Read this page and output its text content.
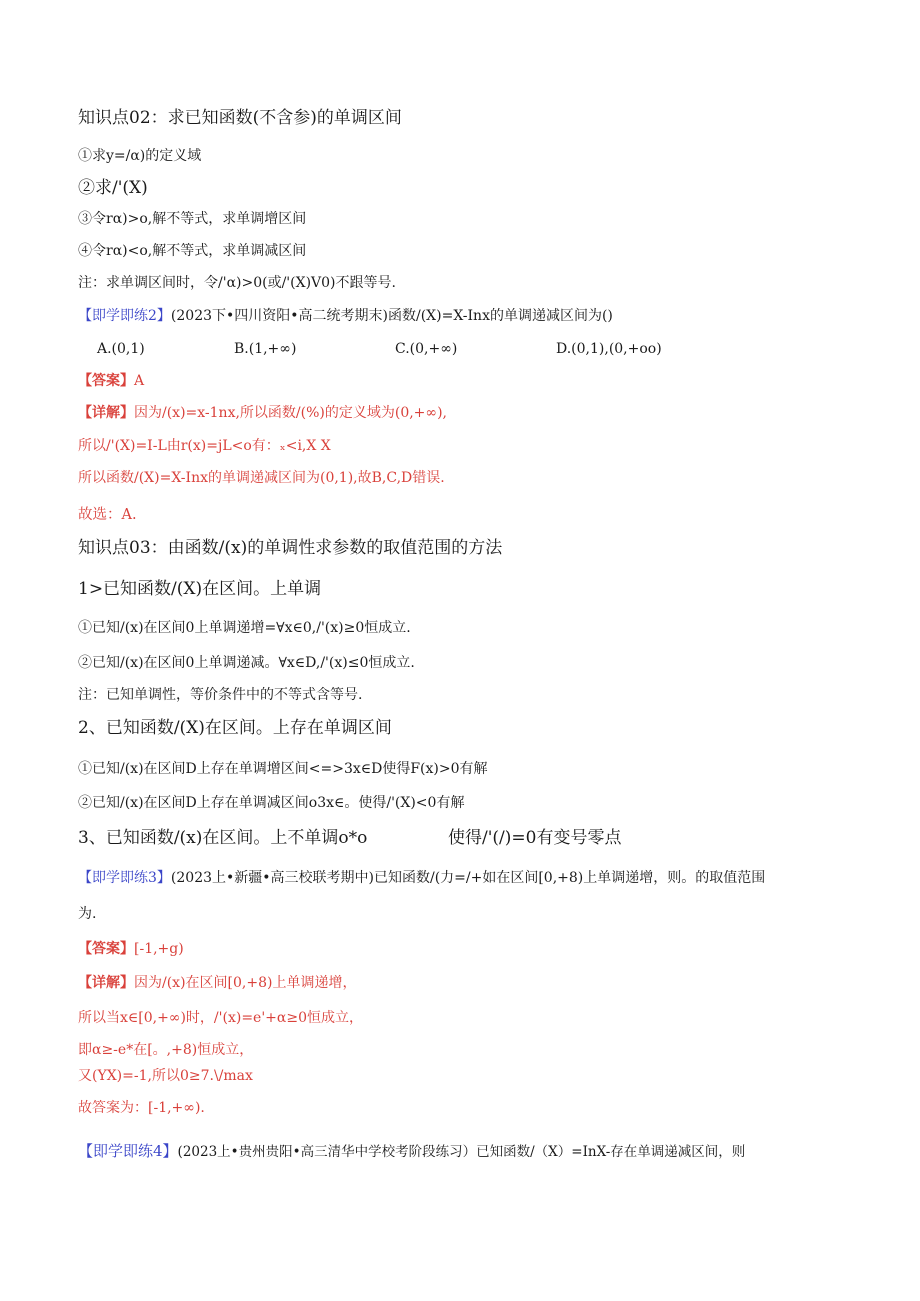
知识点02：求已知函数(不含参)的单调区间
①求y=/α)的定义域
②求/'(X)
③令rα)>o,解不等式，求单调增区间
④令rα)<o,解不等式，求单调减区间
注：求单调区间时，令/'α)>0(或/'(X)V0)不跟等号.
【即学即练2】(2023下•四川资阳•高二统考期末)函数/(X)=X-Inx的单调递减区间为()
A.(0,1)	B.(1,+∞)	C.(0,+∞)	D.(0,1),(0,+oo)
【答案】A
【详解】因为/(x)=x-1nx,所以函数/(%)的定义域为(0,+∞),
所以/'(X)=I-L由r(x)=jL<o有：ₓ<i,X X
所以函数/(X)=X-Inx的单调递减区间为(0,1),故B,C,D错误.
故选：A.
知识点03：由函数/(x)的单调性求参数的取值范围的方法
1>已知函数/(X)在区间。上单调
①已知/(x)在区间0上单调递增=∀x∈0,/'(x)≥0恒成立.
②已知/(x)在区间0上单调递减。∀x∈D,/'(x)≤0恒成立.
注：已知单调性，等价条件中的不等式含等号.
2、已知函数/(X)在区间。上存在单调区间
①已知/(x)在区间D上存在单调增区间<=>3x∈D使得F(x)>0有解
②已知/(x)在区间D上存在单调减区间o3x∈。使得/'(X)<0有解
3、已知函数/(x)在区间。上不单调o*o	使得/'(/)=0有变号零点
【即学即练3】(2023上•新疆•高三校联考期中)已知函数/(力=/+如在区间[0,+8)上单调递增，则。的取值范围
为.
【答案】[-1,+g)
【详解】因为/(x)在区间[0,+8)上单调递增，
所以当x∈[0,+∞)时，/'(x)=e'+α≥0恒成立，
即α≥-e*在[。,+8)恒成立，
又(YX)=-1,所以0≥7.\/max
故答案为：[-1,+∞).
【即学即练4】(2023上•贵州贵阳•高三清华中学校考阶段练习）已知函数/（X）=InX-存在单调递减区间，则
